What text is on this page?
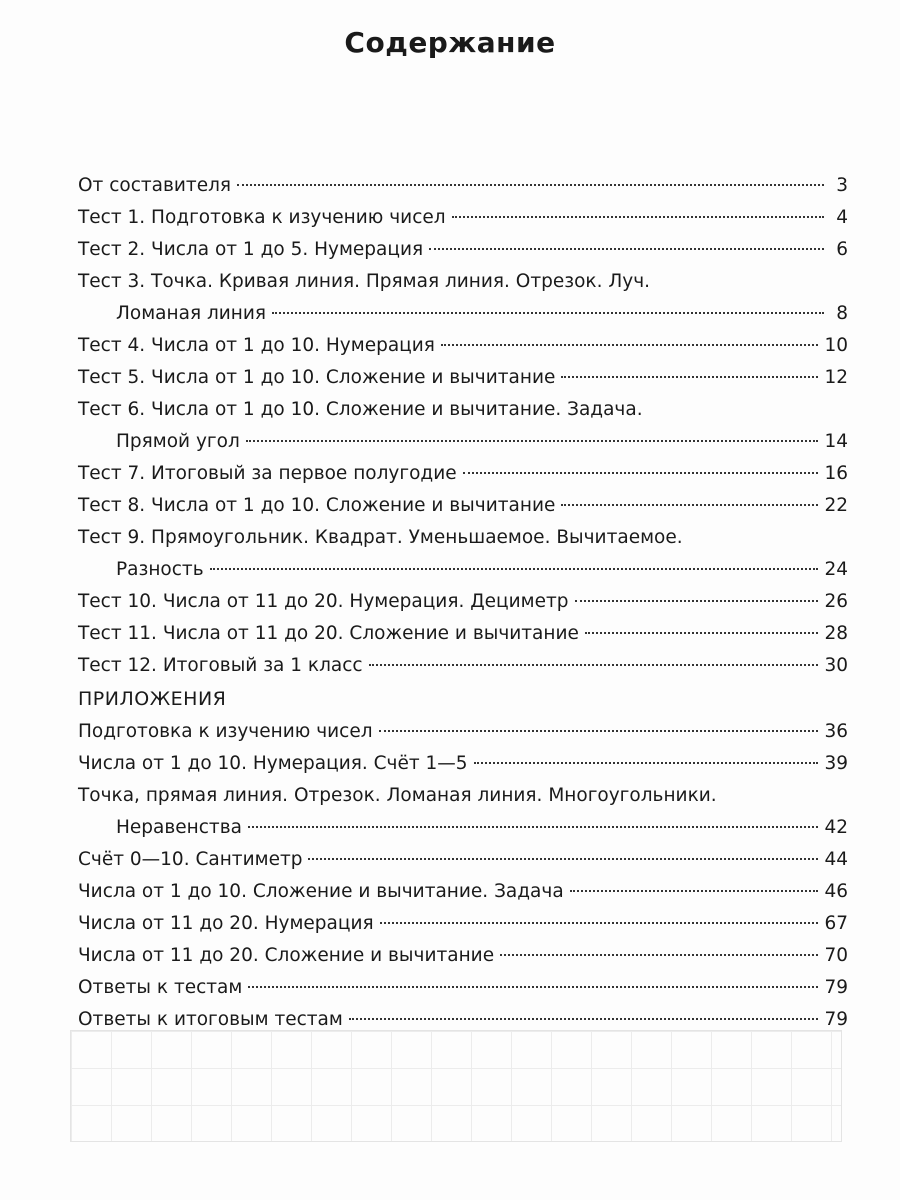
Содержание
От составителя	3
Тест 1. Подготовка к изучению чисел	4
Тест 2. Числа от 1 до 5. Нумерация	6
Тест 3. Точка. Кривая линия. Прямая линия. Отрезок. Луч.
Ломаная линия	8
Тест 4. Числа от 1 до 10. Нумерация	10
Тест 5. Числа от 1 до 10. Сложение и вычитание	12
Тест 6. Числа от 1 до 10. Сложение и вычитание. Задача.
Прямой угол	14
Тест 7. Итоговый за первое полугодие	16
Тест 8. Числа от 1 до 10. Сложение и вычитание	22
Тест 9. Прямоугольник. Квадрат. Уменьшаемое. Вычитаемое.
Разность	24
Тест 10. Числа от 11 до 20. Нумерация. Дециметр	26
Тест 11. Числа от 11 до 20. Сложение и вычитание	28
Тест 12. Итоговый за 1 класс	30
ПРИЛОЖЕНИЯ
Подготовка к изучению чисел	36
Числа от 1 до 10. Нумерация. Счёт 1—5	39
Точка, прямая линия. Отрезок. Ломаная линия. Многоугольники.
Неравенства	42
Счёт 0—10. Сантиметр	44
Числа от 1 до 10. Сложение и вычитание. Задача	46
Числа от 11 до 20. Нумерация	67
Числа от 11 до 20. Сложение и вычитание	70
Ответы к тестам	79
Ответы к итоговым тестам	79
